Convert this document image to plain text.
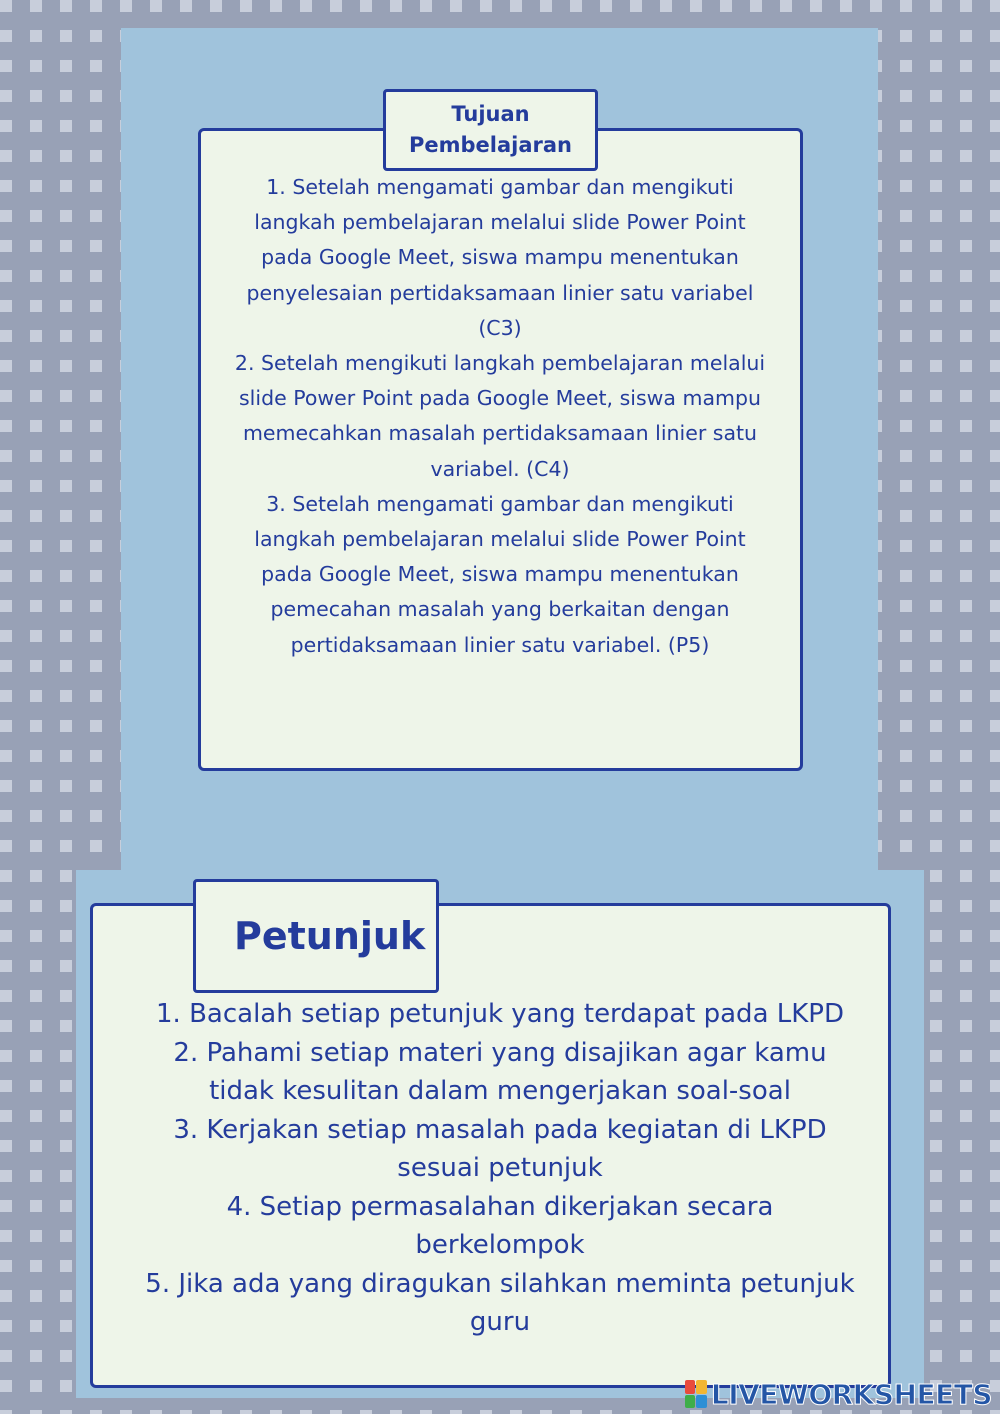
Tujuan
Pembelajaran

1. Setelah mengamati gambar dan mengikuti

langkah pembelajaran melalui slide Power Point

pada Google Meet, siswa mampu menentukan

penyelesaian pertidaksamaan linier satu variabel

(C3)

2. Setelah mengikuti langkah pembelajaran melalui

slide Power Point pada Google Meet, siswa mampu

memecahkan masalah pertidaksamaan linier satu

variabel. (C4)

3. Setelah mengamati gambar dan mengikuti

langkah pembelajaran melalui slide Power Point

pada Google Meet, siswa mampu menentukan

pemecahan masalah yang berkaitan dengan

pertidaksamaan linier satu variabel. (P5)

Petunjuk

1. Bacalah setiap petunjuk yang terdapat pada LKPD

2. Pahami setiap materi yang disajikan agar kamu

tidak kesulitan dalam mengerjakan soal-soal

3. Kerjakan setiap masalah pada kegiatan di LKPD

sesuai petunjuk

4. Setiap permasalahan dikerjakan secara

berkelompok

5. Jika ada yang diragukan silahkan meminta petunjuk

guru

LIVEWORKSHEETS
